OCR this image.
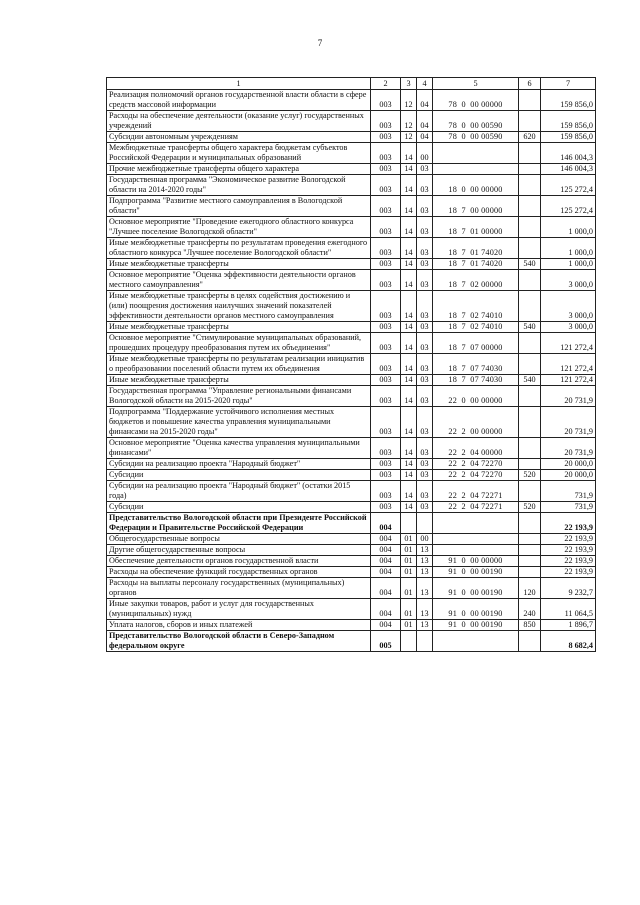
7
1	2	3	4	5	6	7
Реализация полномочий органов государственной власти области в сфере средств массовой информации	003	12	04	78  0  00 00000		159 856,0
Расходы на обеспечение деятельности (оказание услуг) государственных учреждений	003	12	04	78  0  00 00590		159 856,0
Субсидии автономным учреждениям	003	12	04	78  0  00 00590	620	159 856,0
Межбюджетные трансферты общего характера бюджетам субъектов Российской Федерации и муниципальных образований	003	14	00			146 004,3
Прочие межбюджетные трансферты общего характера	003	14	03			146 004,3
Государственная программа "Экономическое развитие Вологодской области на 2014-2020 годы"	003	14	03	18  0  00 00000		125 272,4
Подпрограмма "Развитие местного самоуправления в Вологодской области"	003	14	03	18  7  00 00000		125 272,4
Основное мероприятие "Проведение ежегодного областного конкурса "Лучшее поселение Вологодской области"	003	14	03	18  7  01 00000		1 000,0
Иные межбюджетные трансферты по результатам проведения ежегодного областного конкурса "Лучшее поселение Вологодской области"	003	14	03	18  7  01 74020		1 000,0
Иные межбюджетные трансферты	003	14	03	18  7  01 74020	540	1 000,0
Основное мероприятие "Оценка эффективности деятельности органов местного самоуправления"	003	14	03	18  7  02 00000		3 000,0
Иные межбюджетные трансферты в целях содействия достижению и (или) поощрения достижения наилучших значений показателей эффективности деятельности органов местного самоуправления	003	14	03	18  7  02 74010		3 000,0
Иные межбюджетные трансферты	003	14	03	18  7  02 74010	540	3 000,0
Основное мероприятие "Стимулирование муниципальных образований, прошедших процедуру преобразования путем их объединения"	003	14	03	18  7  07 00000		121 272,4
Иные межбюджетные трансферты по результатам реализации инициатив о преобразовании поселений области путем их объединения	003	14	03	18  7  07 74030		121 272,4
Иные межбюджетные трансферты	003	14	03	18  7  07 74030	540	121 272,4
Государственная программа "Управление региональными финансами Вологодской области на 2015-2020 годы"	003	14	03	22  0  00 00000		20 731,9
Подпрограмма "Поддержание устойчивого исполнения местных бюджетов и повышение качества управления муниципальными финансами на 2015-2020 годы"	003	14	03	22  2  00 00000		20 731,9
Основное мероприятие "Оценка качества управления муниципальными финансами"	003	14	03	22  2  04 00000		20 731,9
Субсидии на реализацию проекта "Народный бюджет"	003	14	03	22  2  04 72270		20 000,0
Субсидии	003	14	03	22  2  04 72270	520	20 000,0
Субсидии на реализацию проекта "Народный бюджет" (остатки 2015 года)	003	14	03	22  2  04 72271		731,9
Субсидии	003	14	03	22  2  04 72271	520	731,9
Представительство Вологодской области при Президенте Российской Федерации и Правительстве Российской Федерации	004					22 193,9
Общегосударственные вопросы	004	01	00			22 193,9
Другие общегосударственные вопросы	004	01	13			22 193,9
Обеспечение деятельности органов государственной власти	004	01	13	91  0  00 00000		22 193,9
Расходы на обеспечение функций государственных органов	004	01	13	91  0  00 00190		22 193,9
Расходы на выплаты персоналу государственных (муниципальных) органов	004	01	13	91  0  00 00190	120	9 232,7
Иные закупки товаров, работ и услуг для государственных (муниципальных) нужд	004	01	13	91  0  00 00190	240	11 064,5
Уплата налогов, сборов и иных платежей	004	01	13	91  0  00 00190	850	1 896,7
Представительство Вологодской области в Северо-Западном федеральном округе	005					8 682,4
